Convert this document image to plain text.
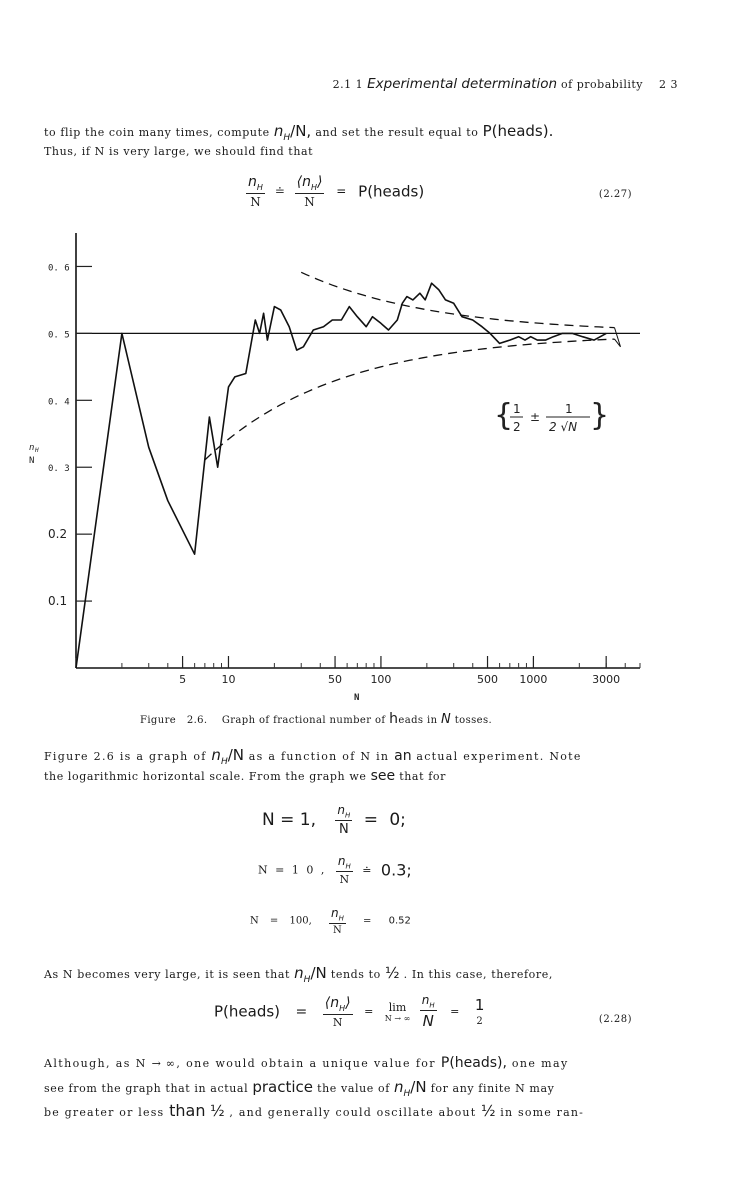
2.1 1 Experimental determination of probability 2 3
to flip the coin many times, compute $n_H/N$, and set the result equal to P(heads).
Thus, if N is very large, we should find that
$\frac{n_H}{N}$ ≐ $\frac{⟨n_H⟩}{N}$ = P(heads)	(2.27)
0.1
0.2
0. 3
0. 4
0. 5
0. 6
5	10	50	100	500 1000	3000
n H
N
{ 1
2
±
1
2 √N }
N
Figure 2.6. Graph of fractional number of heads in N tosses.
Figure 2.6 is a graph of $n_H/N$ as a function of N in an actual experiment. Note
the logarithmic horizontal scale. From the graph we see that for
N = 1, $\frac{n_H}{N} = 0$;
N = 1 0 , $\frac{n_H}{N}$ ≐ 0.3;
N = 100, $\frac{n_H}{N} = 0.52$
As N becomes very large, it is seen that $n_H/N$ tends to ½ . In this case, therefore,
P(heads) = $\frac{⟨n_H⟩}{N}$ =	lim
N → ∞
$\frac{n_H}{N} = 1$
2	(2.28)
Although, as N → ∞, one would obtain a unique value for P(heads), one may
see from the graph that in actual practice the value of $n_H/N$ for any finite N may
be greater or less than ½ , and generally could oscillate about ½ in some ran-
